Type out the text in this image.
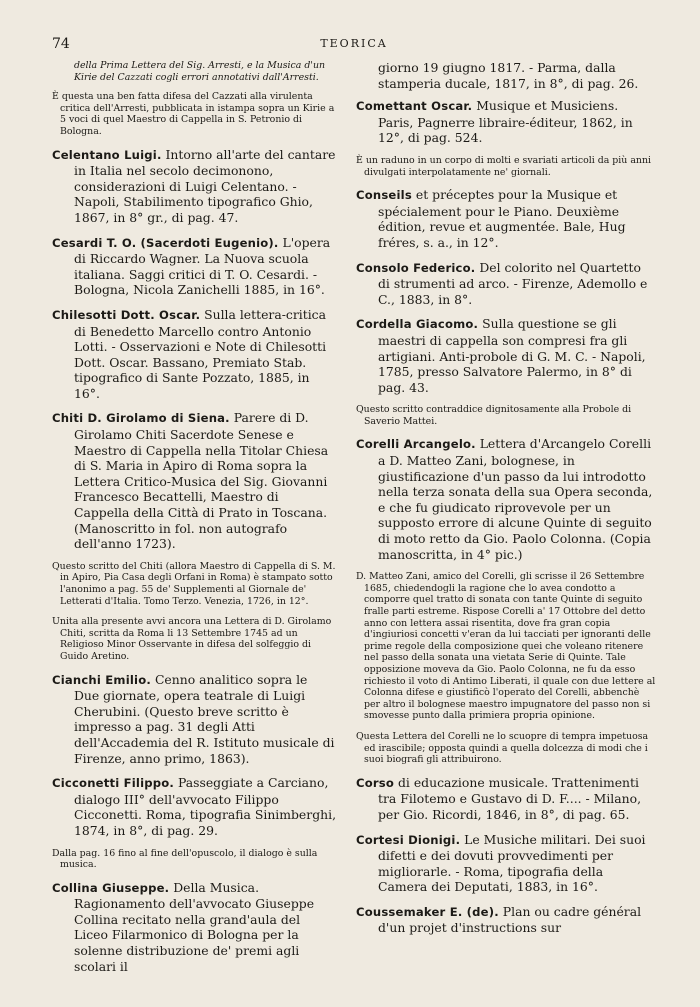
74	TEORICA

della Prima Lettera del Sig. Arresti, e la Musica d'un Kirie del Cazzati cogli errori annotativi dall'Arresti.

È questa una ben fatta difesa del Cazzati alla virulenta critica dell'Arresti, pubblicata in istampa sopra un Kirie a 5 voci di quel Maestro di Cappella in S. Petronio di Bologna.

Celentano Luigi. Intorno all'arte del cantare in Italia nel secolo decimonono, considerazioni di Luigi Celentano. - Napoli, Stabilimento tipografico Ghio, 1867, in 8° gr., di pag. 47.

Cesardi T. O. (Sacerdoti Eugenio). L'opera di Riccardo Wagner. La Nuova scuola italiana. Saggi critici di T. O. Cesardi. - Bologna, Nicola Zanichelli 1885, in 16°.

Chilesotti Dott. Oscar. Sulla lettera-critica di Benedetto Marcello contro Antonio Lotti. - Osservazioni e Note di Chilesotti Dott. Oscar. Bassano, Premiato Stab. tipografico di Sante Pozzato, 1885, in 16°.

Chiti D. Girolamo di Siena. Parere di D. Girolamo Chiti Sacerdote Senese e Maestro di Cappella nella Titolar Chiesa di S. Maria in Apiro di Roma sopra la Lettera Critico-Musica del Sig. Giovanni Francesco Becattelli, Maestro di Cappella della Città di Prato in Toscana. (Manoscritto in fol. non autografo dell'anno 1723).

Questo scritto del Chiti (allora Maestro di Cappella di S. M. in Apiro, Pia Casa degli Orfani in Roma) è stampato sotto l'anonimo a pag. 55 de' Supplementi al Giornale de' Letterati d'Italia. Tomo Terzo. Venezia, 1726, in 12°.

Unita alla presente avvi ancora una Lettera di D. Girolamo Chiti, scritta da Roma li 13 Settembre 1745 ad un Religioso Minor Osservante in difesa del solfeggio di Guido Aretino.

Cianchi Emilio. Cenno analitico sopra le Due giornate, opera teatrale di Luigi Cherubini. (Questo breve scritto è impresso a pag. 31 degli Atti dell'Accademia del R. Istituto musicale di Firenze, anno primo, 1863).

Cicconetti Filippo. Passeggiate a Carciano, dialogo III° dell'avvocato Filippo Cicconetti. Roma, tipografia Sinimberghi, 1874, in 8°, di pag. 29.

Dalla pag. 16 fino al fine dell'opuscolo, il dialogo è sulla musica.

Collina Giuseppe. Della Musica. Ragionamento dell'avvocato Giuseppe Collina recitato nella grand'aula del Liceo Filarmonico di Bologna per la solenne distribuzione de' premi agli scolari il

giorno 19 giugno 1817. - Parma, dalla stamperia ducale, 1817, in 8°, di pag. 26.

Comettant Oscar. Musique et Musiciens. Paris, Pagnerre libraire-éditeur, 1862, in 12°, di pag. 524.

È un raduno in un corpo di molti e svariati articoli da più anni divulgati interpolatamente ne' giornali.

Conseils et préceptes pour la Musique et spécialement pour le Piano. Deuxième édition, revue et augmentée. Bale, Hug fréres, s. a., in 12°.

Consolo Federico. Del colorito nel Quartetto di strumenti ad arco. - Firenze, Ademollo e C., 1883, in 8°.

Cordella Giacomo. Sulla questione se gli maestri di cappella son compresi fra gli artigiani. Anti-probole di G. M. C. - Napoli, 1785, presso Salvatore Palermo, in 8° di pag. 43.

Questo scritto contraddice dignitosamente alla Probole di Saverio Mattei.

Corelli Arcangelo. Lettera d'Arcangelo Corelli a D. Matteo Zani, bolognese, in giustificazione d'un passo da lui introdotto nella terza sonata della sua Opera seconda, e che fu giudicato riprovevole per un supposto errore di alcune Quinte di seguito di moto retto da Gio. Paolo Colonna. (Copia manoscritta, in 4° pic.)

D. Matteo Zani, amico del Corelli, gli scrisse il 26 Settembre 1685, chiedendogli la ragione che lo avea condotto a comporre quel tratto di sonata con tante Quinte di seguito fralle parti estreme. Rispose Corelli a' 17 Ottobre del detto anno con lettera assai risentita, dove fra gran copia d'ingiuriosi concetti v'eran da lui tacciati per ignoranti delle prime regole della composizione quei che voleano ritenere nel passo della sonata una vietata Serie di Quinte. Tale opposizione moveva da Gio. Paolo Colonna, ne fu da esso richiesto il voto di Antimo Liberati, il quale con due lettere al Colonna difese e giustificò l'operato del Corelli, abbenchè per altro il bolognese maestro impugnatore del passo non si smovesse punto dalla primiera propria opinione.

Questa Lettera del Corelli ne lo scuopre di tempra impetuosa ed irascibile; opposta quindi a quella dolcezza di modi che i suoi biografi gli attribuirono.

Corso di educazione musicale. Trattenimenti tra Filotemo e Gustavo di D. F.... - Milano, per Gio. Ricordi, 1846, in 8°, di pag. 65.

Cortesi Dionigi. Le Musiche militari. Dei suoi difetti e dei dovuti provvedimenti per migliorarle. - Roma, tipografia della Camera dei Deputati, 1883, in 16°.

Coussemaker E. (de). Plan ou cadre général d'un projet d'instructions sur
